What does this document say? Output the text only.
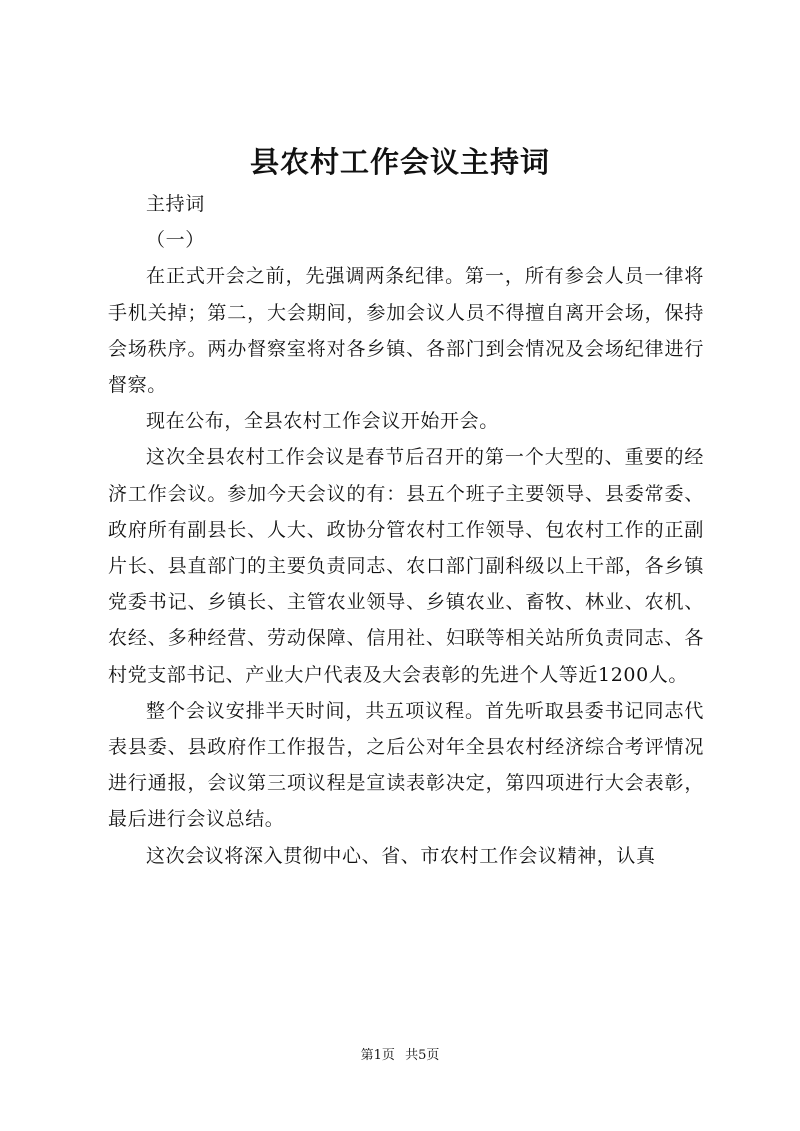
县农村工作会议主持词

主持词

（一）

在正式开会之前，先强调两条纪律。第一，所有参会人员一律将手机关掉；第二，大会期间，参加会议人员不得擅自离开会场，保持会场秩序。两办督察室将对各乡镇、各部门到会情况及会场纪律进行督察。

现在公布，全县农村工作会议开始开会。

这次全县农村工作会议是春节后召开的第一个大型的、重要的经济工作会议。参加今天会议的有：县五个班子主要领导、县委常委、政府所有副县长、人大、政协分管农村工作领导、包农村工作的正副片长、县直部门的主要负责同志、农口部门副科级以上干部，各乡镇党委书记、乡镇长、主管农业领导、乡镇农业、畜牧、林业、农机、农经、多种经营、劳动保障、信用社、妇联等相关站所负责同志、各村党支部书记、产业大户代表及大会表彰的先进个人等近1200人。

整个会议安排半天时间，共五项议程。首先听取县委书记同志代表县委、县政府作工作报告，之后公对年全县农村经济综合考评情况进行通报，会议第三项议程是宣读表彰决定，第四项进行大会表彰，最后进行会议总结。

这次会议将深入贯彻中心、省、市农村工作会议精神，认真

第1页 共5页
